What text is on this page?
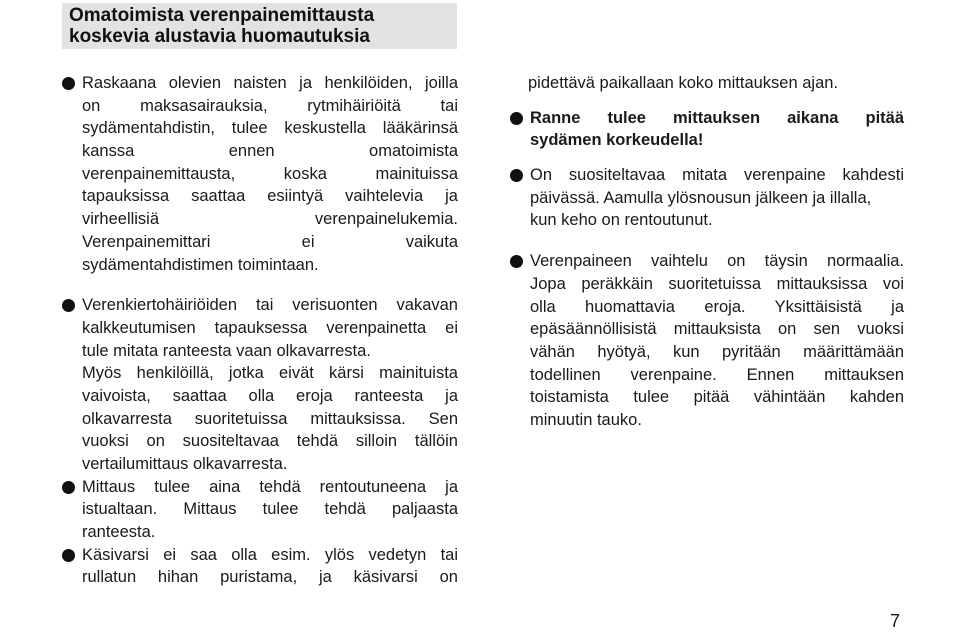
Omatoimista verenpainemittausta
koskevia alustavia huomautuksia
Raskaana olevien naisten ja henkilöiden, joilla
on maksasairauksia, rytmihäiriöitä tai
sydämentahdistin, tulee keskustella lääkärinsä
kanssa ennen omatoimista
verenpainemittausta, koska mainituissa
tapauksissa saattaa esiintyä vaihtelevia ja
virheellisiä verenpainelukemia.
Verenpainemittari ei vaikuta
sydämentahdistimen toimintaan.
Verenkiertohäiriöiden tai verisuonten vakavan
kalkkeutumisen tapauksessa verenpainetta ei
tule mitata ranteesta vaan olkavarresta.
Myös henkilöillä, jotka eivät kärsi mainituista
vaivoista, saattaa olla eroja ranteesta ja
olkavarresta suoritetuissa mittauksissa. Sen
vuoksi on suositeltavaa tehdä silloin tällöin
vertailumittaus olkavarresta.
Mittaus tulee aina tehdä rentoutuneena ja
istualtaan. Mittaus tulee tehdä paljaasta
ranteesta.
Käsivarsi ei saa olla esim. ylös vedetyn tai
rullatun hihan puristama, ja käsivarsi on
pidettävä paikallaan koko mittauksen ajan.
Ranne tulee mittauksen aikana pitää
sydämen korkeudella!
On suositeltavaa mitata verenpaine kahdesti
päivässä. Aamulla ylösnousun jälkeen ja illalla,
kun keho on rentoutunut.
Verenpaineen vaihtelu on täysin normaalia.
Jopa peräkkäin suoritetuissa mittauksissa voi
olla huomattavia eroja. Yksittäisistä ja
epäsäännöllisistä mittauksista on sen vuoksi
vähän hyötyä, kun pyritään määrittämään
todellinen verenpaine. Ennen mittauksen
toistamista tulee pitää vähintään kahden
minuutin tauko.
7
